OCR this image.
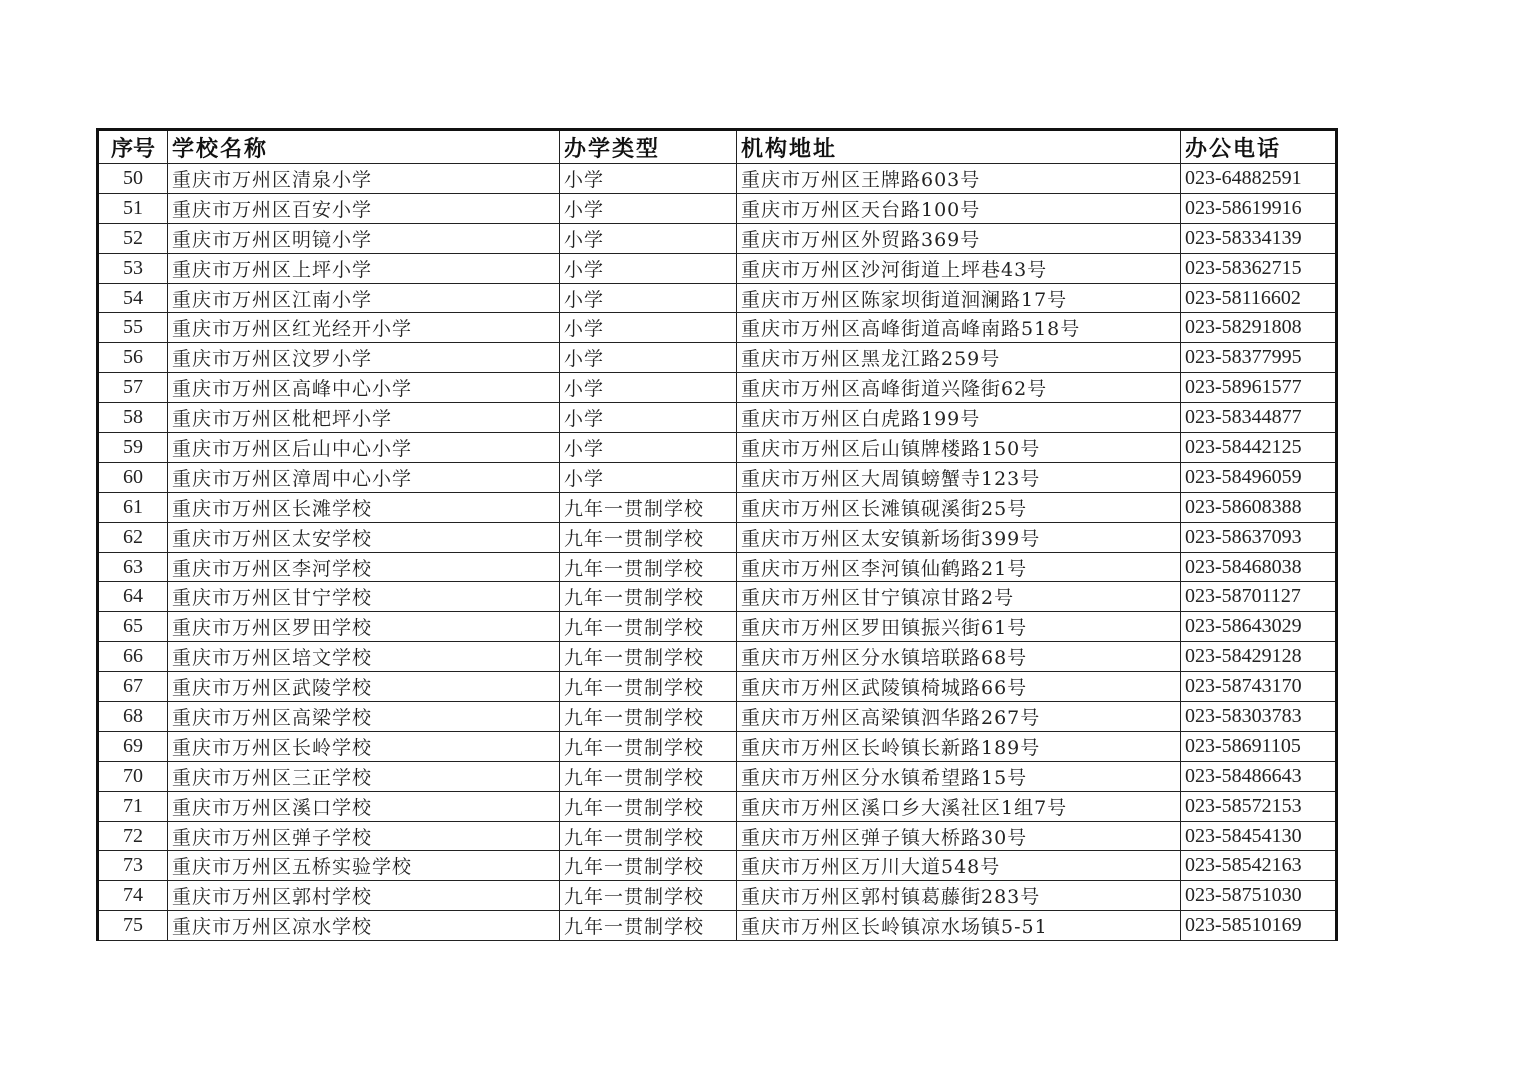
序号	学校名称	办学类型	机构地址	办公电话
50	重庆市万州区清泉小学	小学	重庆市万州区王牌路603号	023-64882591
51	重庆市万州区百安小学	小学	重庆市万州区天台路100号	023-58619916
52	重庆市万州区明镜小学	小学	重庆市万州区外贸路369号	023-58334139
53	重庆市万州区上坪小学	小学	重庆市万州区沙河街道上坪巷43号	023-58362715
54	重庆市万州区江南小学	小学	重庆市万州区陈家坝街道洄澜路17号	023-58116602
55	重庆市万州区红光经开小学	小学	重庆市万州区高峰街道高峰南路518号	023-58291808
56	重庆市万州区汶罗小学	小学	重庆市万州区黑龙江路259号	023-58377995
57	重庆市万州区高峰中心小学	小学	重庆市万州区高峰街道兴隆街62号	023-58961577
58	重庆市万州区枇杷坪小学	小学	重庆市万州区白虎路199号	023-58344877
59	重庆市万州区后山中心小学	小学	重庆市万州区后山镇牌楼路150号	023-58442125
60	重庆市万州区漳周中心小学	小学	重庆市万州区大周镇螃蟹寺123号	023-58496059
61	重庆市万州区长滩学校	九年一贯制学校	重庆市万州区长滩镇砚溪街25号	023-58608388
62	重庆市万州区太安学校	九年一贯制学校	重庆市万州区太安镇新场街399号	023-58637093
63	重庆市万州区李河学校	九年一贯制学校	重庆市万州区李河镇仙鹤路21号	023-58468038
64	重庆市万州区甘宁学校	九年一贯制学校	重庆市万州区甘宁镇凉甘路2号	023-58701127
65	重庆市万州区罗田学校	九年一贯制学校	重庆市万州区罗田镇振兴街61号	023-58643029
66	重庆市万州区培文学校	九年一贯制学校	重庆市万州区分水镇培联路68号	023-58429128
67	重庆市万州区武陵学校	九年一贯制学校	重庆市万州区武陵镇椅城路66号	023-58743170
68	重庆市万州区高梁学校	九年一贯制学校	重庆市万州区高梁镇泗华路267号	023-58303783
69	重庆市万州区长岭学校	九年一贯制学校	重庆市万州区长岭镇长新路189号	023-58691105
70	重庆市万州区三正学校	九年一贯制学校	重庆市万州区分水镇希望路15号	023-58486643
71	重庆市万州区溪口学校	九年一贯制学校	重庆市万州区溪口乡大溪社区1组7号	023-58572153
72	重庆市万州区弹子学校	九年一贯制学校	重庆市万州区弹子镇大桥路30号	023-58454130
73	重庆市万州区五桥实验学校	九年一贯制学校	重庆市万州区万川大道548号	023-58542163
74	重庆市万州区郭村学校	九年一贯制学校	重庆市万州区郭村镇葛藤街283号	023-58751030
75	重庆市万州区凉水学校	九年一贯制学校	重庆市万州区长岭镇凉水场镇5-51	023-58510169
